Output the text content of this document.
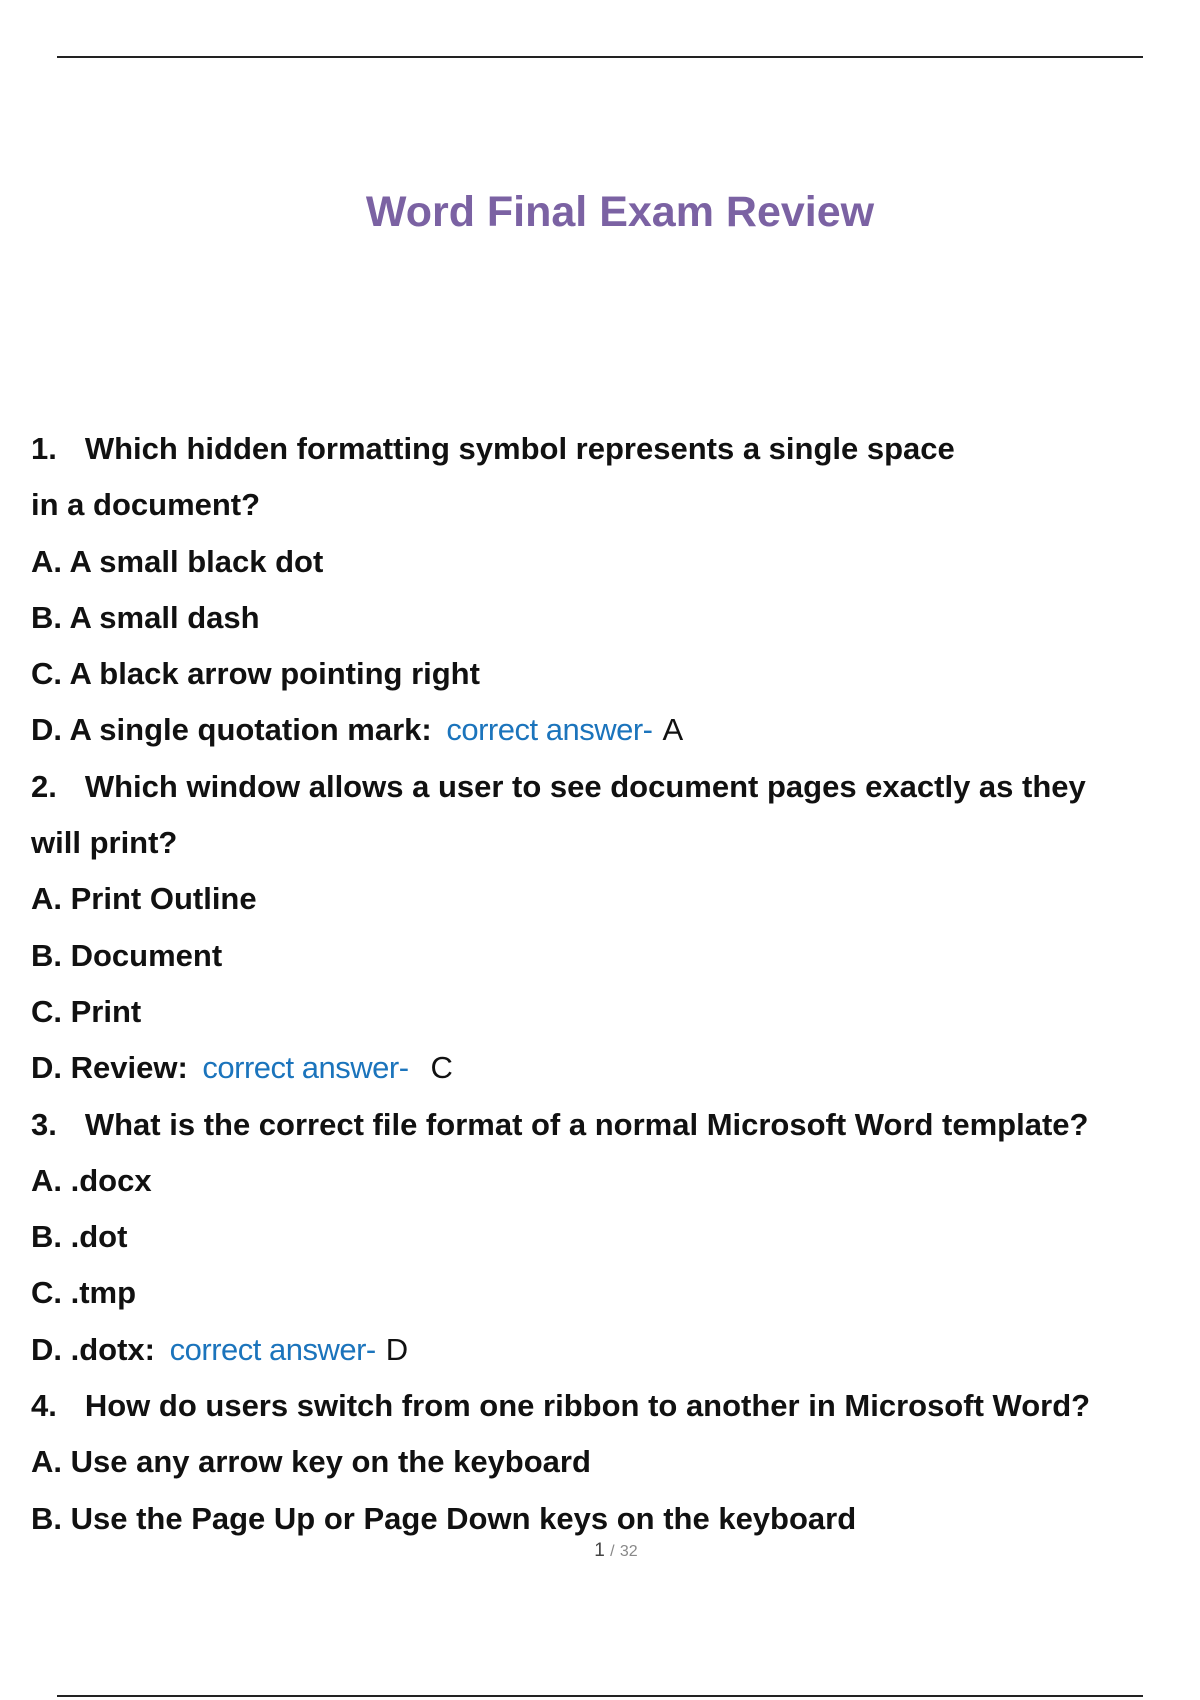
Word Final Exam Review
1. Which hidden formatting symbol represents a single space
in a document?
A. A small black dot
B. A small dash
C. A black arrow pointing right
D. A single quotation mark: correct answer- A
2. Which window allows a user to see document pages exactly as they
will print?
A. Print Outline
B. Document
C. Print
D. Review: correct answer- C
3. What is the correct file format of a normal Microsoft Word template?
A. .docx
B. .dot
C. .tmp
D. .dotx: correct answer- D
4. How do users switch from one ribbon to another in Microsoft Word?
A. Use any arrow key on the keyboard
B. Use the Page Up or Page Down keys on the keyboard
1 / 32
